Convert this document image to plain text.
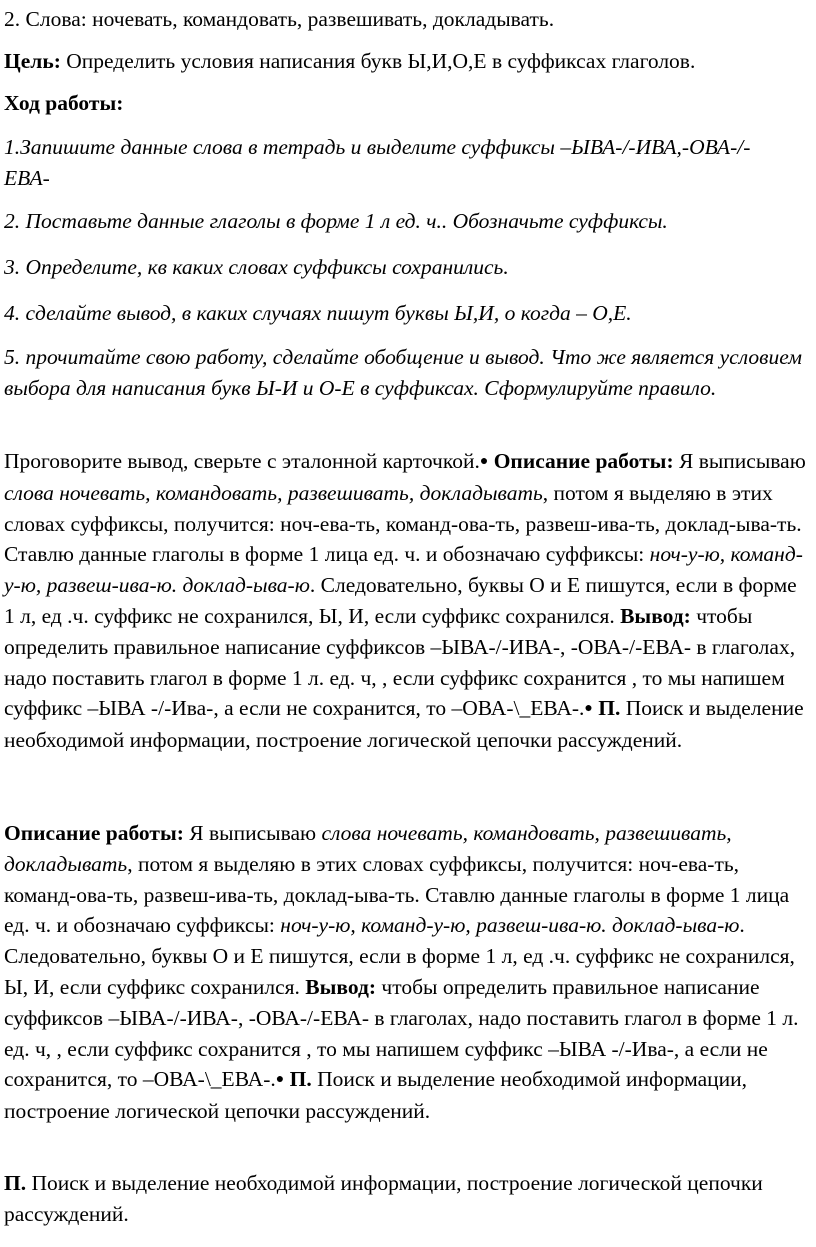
2. Слова: ночевать, командовать, развешивать, докладывать.

Цель: Определить условия написания букв Ы,И,О,Е в суффиксах глаголов.

Ход работы:

1.Запишите данные слова в тетрадь и выделите суффиксы –ЫВА-/-ИВА,-ОВА-/-ЕВА-

2. Поставьте данные глаголы в форме 1 л ед. ч.. Обозначьте суффиксы.

3. Определите, кв каких словах суффиксы сохранились.

4. сделайте вывод, в каких случаях пишут буквы Ы,И, о когда – О,Е.

5. прочитайте свою работу, сделайте обобщение и вывод. Что же является условием выбора для написания букв Ы-И и О-Е в суффиксах. Сформулируйте правило.

Проговорите вывод, сверьте с эталонной карточкой.● Описание работы: Я выписываю слова ночевать, командовать, развешивать, докладывать, потом я выделяю в этих словах суффиксы, получится: ноч-ева-ть, команд-ова-ть, развеш-ива-ть, доклад-ыва-ть. Ставлю данные глаголы в форме 1 лица ед. ч. и обозначаю суффиксы: ноч-у-ю, команд-у-ю, развеш-ива-ю. доклад-ыва-ю. Следовательно, буквы О и Е пишутся, если в форме 1 л, ед .ч. суффикс не сохранился, Ы, И, если суффикс сохранился. Вывод: чтобы определить правильное написание суффиксов –ЫВА-/-ИВА-, -ОВА-/-ЕВА- в глаголах, надо поставить глагол в форме 1 л. ед. ч, , если суффикс сохранится , то мы напишем суффикс –ЫВА -/-Ива-, а если не сохранится, то –ОВА-\_ЕВА-.● П. Поиск и выделение необходимой информации, построение логической цепочки рассуждений.

Описание работы: Я выписываю слова ночевать, командовать, развешивать, докладывать, потом я выделяю в этих словах суффиксы, получится: ноч-ева-ть, команд-ова-ть, развеш-ива-ть, доклад-ыва-ть. Ставлю данные глаголы в форме 1 лица ед. ч. и обозначаю суффиксы: ноч-у-ю, команд-у-ю, развеш-ива-ю. доклад-ыва-ю. Следовательно, буквы О и Е пишутся, если в форме 1 л, ед .ч. суффикс не сохранился, Ы, И, если суффикс сохранился. Вывод: чтобы определить правильное написание суффиксов –ЫВА-/-ИВА-, -ОВА-/-ЕВА- в глаголах, надо поставить глагол в форме 1 л. ед. ч, , если суффикс сохранится , то мы напишем суффикс –ЫВА -/-Ива-, а если не сохранится, то –ОВА-\_ЕВА-.● П. Поиск и выделение необходимой информации, построение логической цепочки рассуждений.

П. Поиск и выделение необходимой информации, построение логической цепочки рассуждений.
